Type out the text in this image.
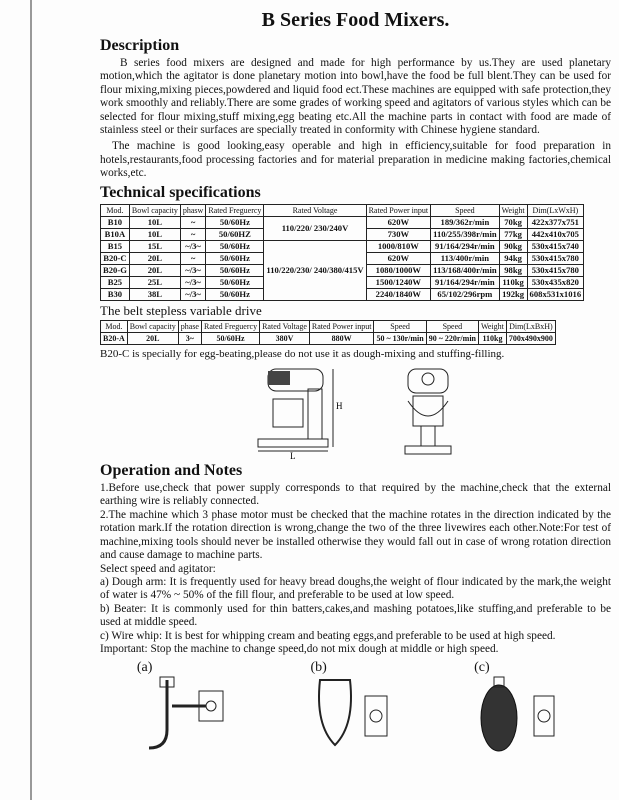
B Series Food Mixers.
Description

B series food mixers are designed and made for high performance by us.They are used planetary motion,which the agitator is done planetary motion into bowl,have the food be full blent.They can be used for flour mixing,mixing pieces,powdered and liquid food ect.These machines are equipped with safe protection,they work smoothly and reliably.There are some grades of working speed and agitators of various styles which can be selected for flour mixing,stuff mixing,egg beating etc.All the machine parts in contact with food are made of stainless steel or their surfaces are specially treated in conformity with Chinese hygiene standard.

The machine is good looking,easy operable and high in efficiency,suitable for food preparation in hotels,restaurants,food processing factories and for material preparation in medicine making factories,chemical works,etc.

Technical specifications
Mod.	Bowl capacity	phasw	Rated Freguercy	Rated Voltage	Rated Power input	Speed	Weight	Dim(LxWxH)
B10	10L	~	50/60Hz	110/220/ 230/240V	620W	189/362r/min	70kg	422x377x751
B10A	10L	~	50/60HZ		730W	110/255/398r/min	77kg	442x410x705
B15	15L	~/3~	50/60Hz	110/220/230/ 240/380/415V	1000/810W	91/164/294r/min	90kg	530x415x740
B20-C	20L	~	50/60Hz		620W	113/400r/min	94kg	530x415x780
B20-G	20L	~/3~	50/60Hz		1080/1000W	113/168/400r/min	98kg	530x415x780
B25	25L	~/3~	50/60Hz		1500/1240W	91/164/294r/min	110kg	530x435x820
B30	38L	~/3~	50/60Hz		2240/1840W	65/102/296rpm	192kg	608x531x1016
The belt stepless variable drive
Mod.	Bowl capacity	phase	Rated Freguercy	Rated Voltage	Rated Power input	Speed	Speed	Weight	Dim(LxBxH)
B20-A	20L	3~	50/60Hz	380V	880W	50 ~ 130r/min	90 ~ 220r/min	110kg	700x490x900
B20-C is specially for egg-beating,please do not use it as dough-mixing and stuffing-filling.
H
L
Operation and Notes
1.Before use,check that power supply corresponds to that required by the machine,check that the external earthing wire is reliably connected.
2.The machine which 3 phase motor must be checked that the machine rotates in the direction indicated by the rotation mark.If the rotation direction is wrong,change the two of the three livewires each other.Note:For test of machine,mixing tools should never be installed otherwise they would fall out in case of wrong rotation direction and cause damage to machine parts.
Select speed and agitator:
a) Dough arm: It is frequently used for heavy bread doughs,the weight of flour indicated by the mark,the weight of water is 47% ~ 50% of the fill flour, and preferable to be used at low speed.
b) Beater: It is commonly used for thin batters,cakes,and mashing potatoes,like stuffing,and preferable to be used at middle speed.
c) Wire whip: It is best for whipping cream and beating eggs,and preferable to be used at high speed.
Important: Stop the machine to change speed,do not mix dough at middle or high speed.
(a)	(b)	(c)
